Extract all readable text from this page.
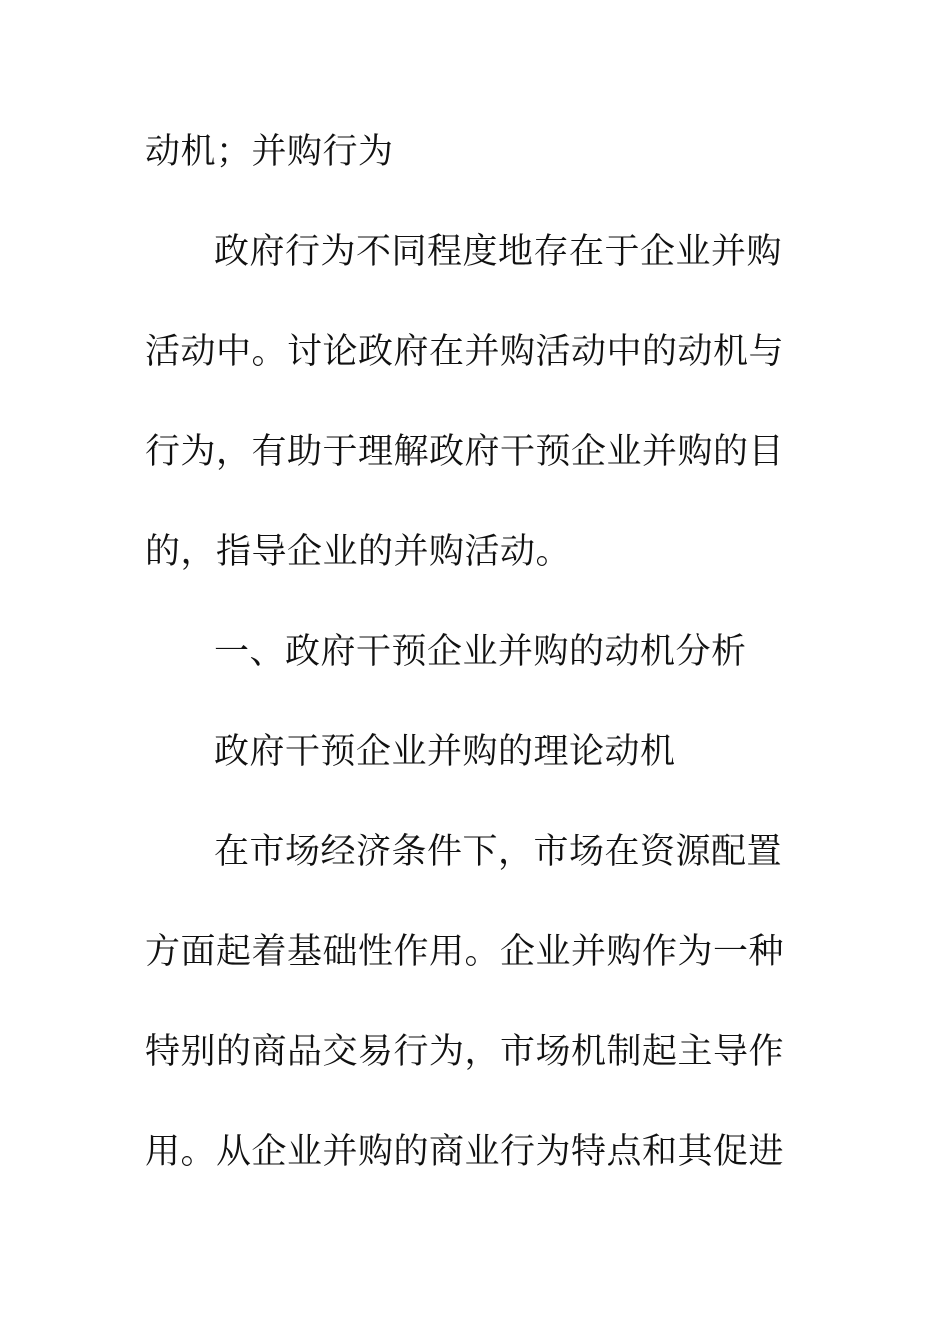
动机；并购行为
政府行为不同程度地存在于企业并购
活动中。讨论政府在并购活动中的动机与
行为，有助于理解政府干预企业并购的目
的，指导企业的并购活动。
一、政府干预企业并购的动机分析
政府干预企业并购的理论动机
在市场经济条件下，市场在资源配置
方面起着基础性作用。企业并购作为一种
特别的商品交易行为，市场机制起主导作
用。从企业并购的商业行为特点和其促进
